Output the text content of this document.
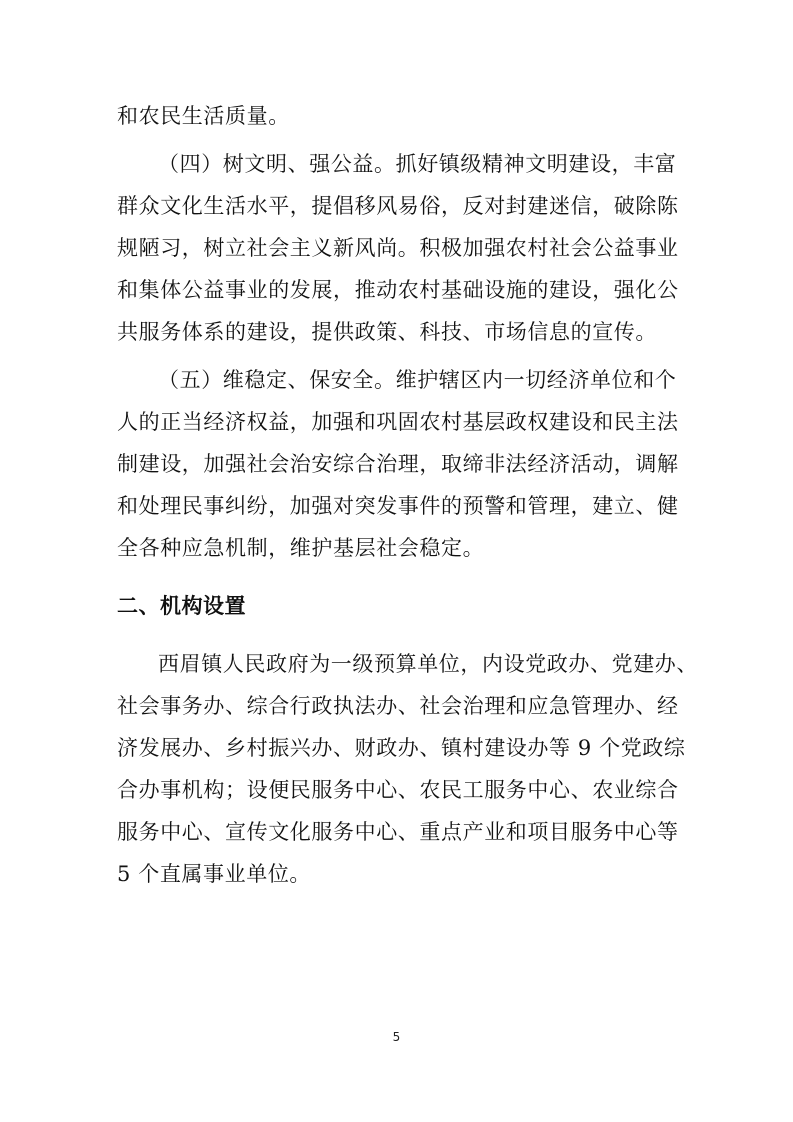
和农民生活质量。
（四）树文明、强公益。抓好镇级精神文明建设，丰富
群众文化生活水平，提倡移风易俗，反对封建迷信，破除陈
规陋习，树立社会主义新风尚。积极加强农村社会公益事业
和集体公益事业的发展，推动农村基础设施的建设，强化公
共服务体系的建设，提供政策、科技、市场信息的宣传。
（五）维稳定、保安全。维护辖区内一切经济单位和个
人的正当经济权益，加强和巩固农村基层政权建设和民主法
制建设，加强社会治安综合治理，取缔非法经济活动，调解
和处理民事纠纷，加强对突发事件的预警和管理，建立、健
全各种应急机制，维护基层社会稳定。
二、机构设置
西眉镇人民政府为一级预算单位，内设党政办、党建办、
社会事务办、综合行政执法办、社会治理和应急管理办、经
济发展办、乡村振兴办、财政办、镇村建设办等 9 个党政综
合办事机构；设便民服务中心、农民工服务中心、农业综合
服务中心、宣传文化服务中心、重点产业和项目服务中心等
5 个直属事业单位。
5
